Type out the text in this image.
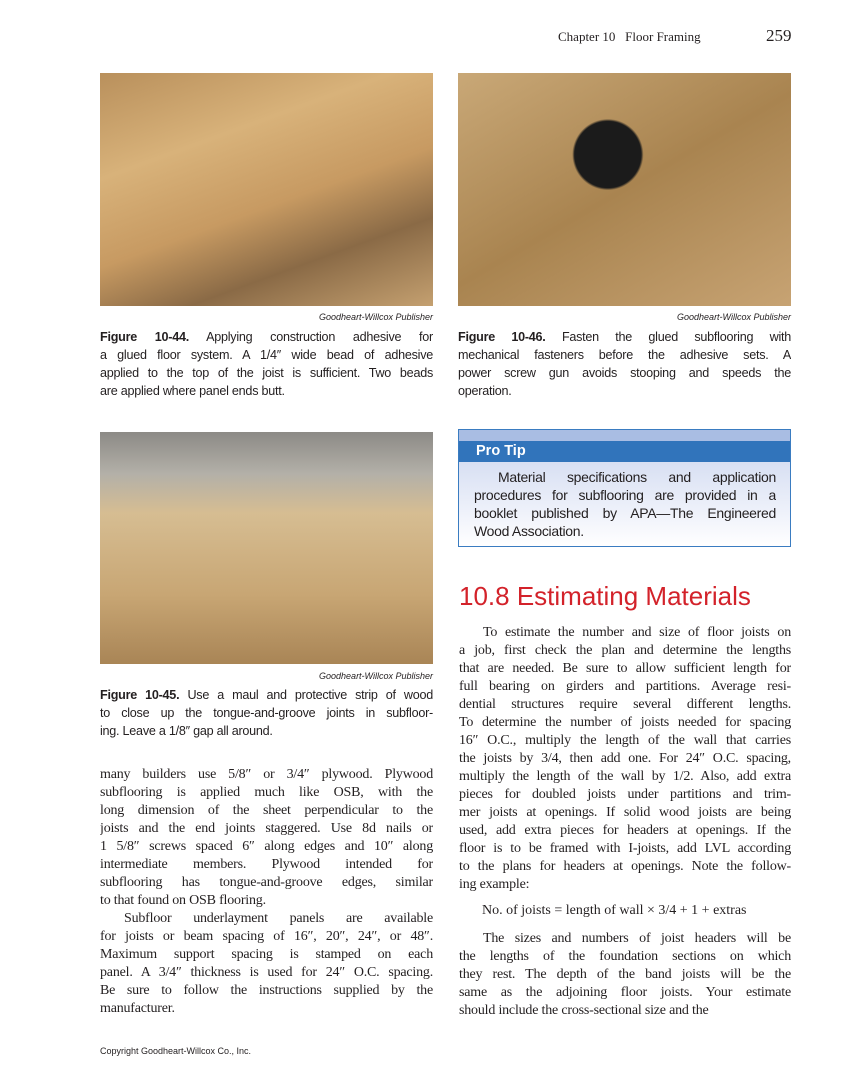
Chapter 10 Floor Framing	259
Goodheart-Willcox Publisher	Goodheart-Willcox Publisher
Goodheart-Willcox Publisher
Figure 10-44. Applying construction adhesive for
a glued floor system. A 1/4″ wide bead of adhesive
applied to the top of the joist is sufficient. Two beads
are applied where panel ends butt.
Figure 10-46. Fasten the glued subflooring with
mechanical fasteners before the adhesive sets. A
power screw gun avoids stooping and speeds the
operation.
Figure 10-45. Use a maul and protective strip of wood
to close up the tongue-and-groove joints in subfloor-
ing. Leave a 1/8″ gap all around.
Pro Tip
Material specifications and application
procedures for subflooring are provided in a
booklet published by APA—The Engineered
Wood Association.
many builders use 5/8″ or 3/4″ plywood. Plywood
subflooring is applied much like OSB, with the
long dimension of the sheet perpendicular to the
joists and the end joints staggered. Use 8d nails or
1 5/8″ screws spaced 6″ along edges and 10″ along
intermediate members. Plywood intended for
subflooring has tongue-and-groove edges, similar
to that found on OSB flooring.
Subfloor underlayment panels are available
for joists or beam spacing of 16″, 20″, 24″, or 48″.
Maximum support spacing is stamped on each
panel. A 3/4″ thickness is used for 24″ O.C. spacing.
Be sure to follow the instructions supplied by the
manufacturer.
10.8 Estimating Materials
To estimate the number and size of floor joists on
a job, first check the plan and determine the lengths
that are needed. Be sure to allow sufficient length for
full bearing on girders and partitions. Average resi-
dential structures require several different lengths.
To determine the number of joists needed for spacing
16″ O.C., multiply the length of the wall that carries
the joists by 3/4, then add one. For 24″ O.C. spacing,
multiply the length of the wall by 1/2. Also, add extra
pieces for doubled joists under partitions and trim-
mer joists at openings. If solid wood joists are being
used, add extra pieces for headers at openings. If the
floor is to be framed with I-joists, add LVL according
to the plans for headers at openings. Note the follow-
ing example:
No. of joists = length of wall × 3/4 + 1 + extras
The sizes and numbers of joist headers will be
the lengths of the foundation sections on which
they rest. The depth of the band joists will be the
same as the adjoining floor joists. Your estimate
should include the cross-sectional size and the
Copyright Goodheart-Willcox Co., Inc.
